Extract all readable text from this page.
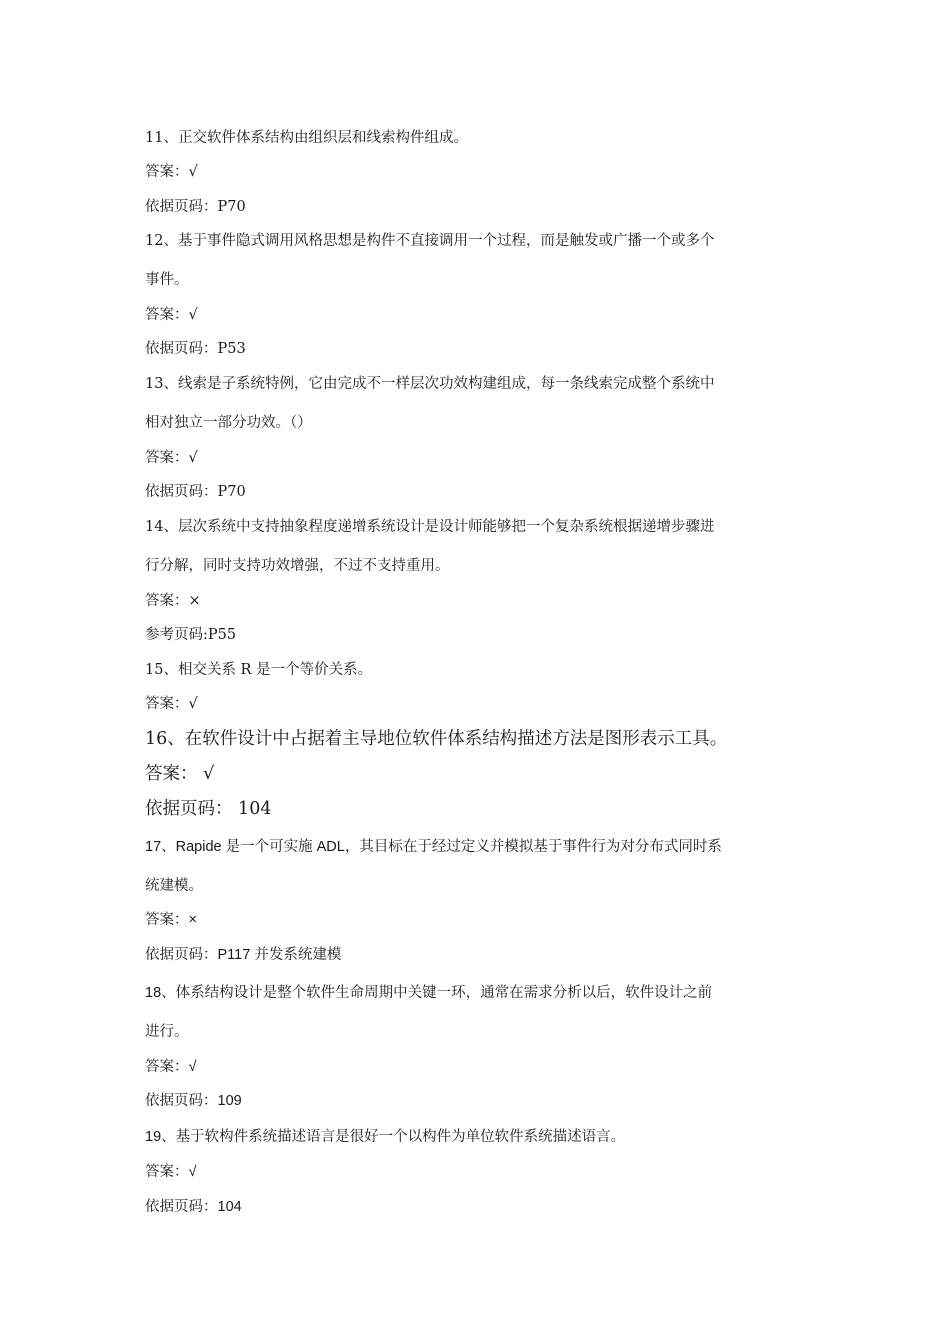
11、正交软件体系结构由组织层和线索构件组成。
答案：√
依据页码：P70
12、基于事件隐式调用风格思想是构件不直接调用一个过程，而是触发或广播一个或多个
事件。
答案：√
依据页码：P53
13、线索是子系统特例，它由完成不一样层次功效构建组成，每一条线索完成整个系统中
相对独立一部分功效。（）
答案：√
依据页码：P70
14、层次系统中支持抽象程度递增系统设计是设计师能够把一个复杂系统根据递增步骤进
行分解，同时支持功效增强，不过不支持重用。
答案：×
参考页码:P55
15、相交关系 R 是一个等价关系。
答案：√
16、在软件设计中占据着主导地位软件体系结构描述方法是图形表示工具。
答案： √
依据页码： 104
17、Rapide 是一个可实施 ADL，其目标在于经过定义并模拟基于事件行为对分布式同时系
统建模。
答案：×
依据页码：P117 并发系统建模
18、体系结构设计是整个软件生命周期中关键一环，通常在需求分析以后，软件设计之前
进行。
答案：√
依据页码：109
19、基于软构件系统描述语言是很好一个以构件为单位软件系统描述语言。
答案：√
依据页码：104
